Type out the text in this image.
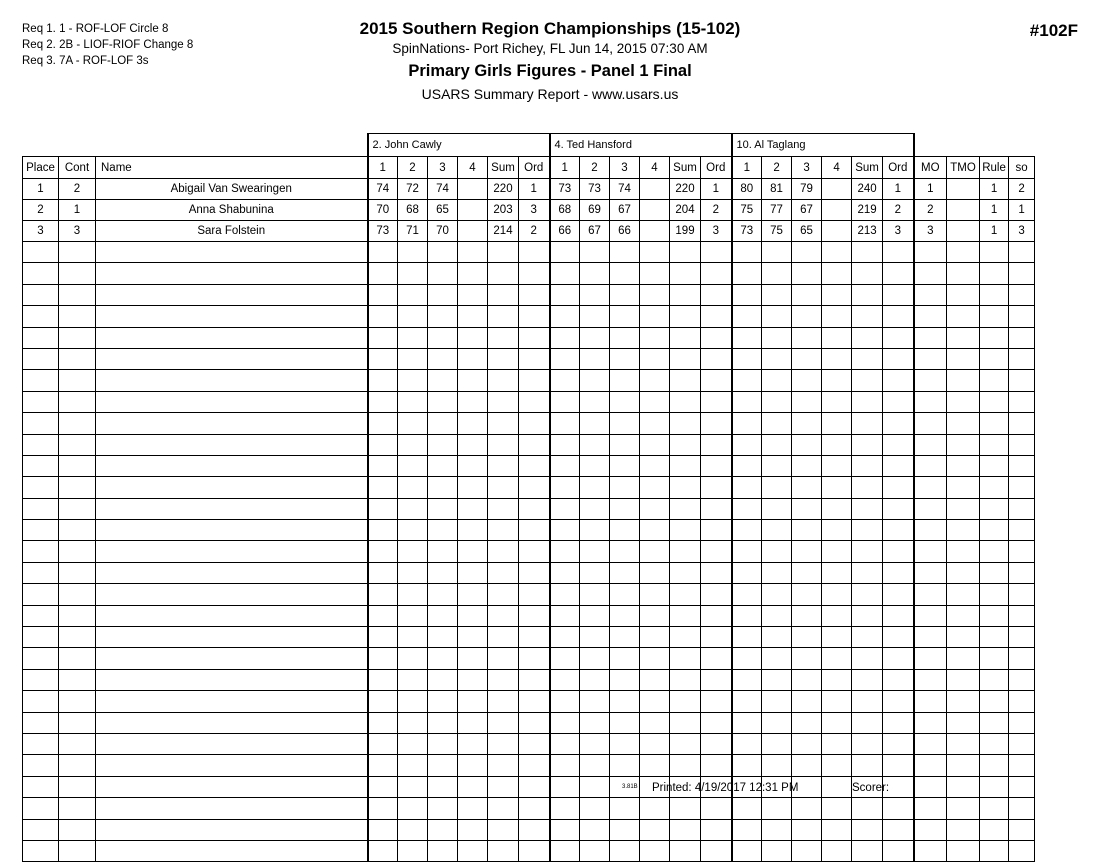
Req 1. 1 - ROF-LOF Circle 8
Req 2. 2B - LIOF-RIOF Change 8
Req 3. 7A - ROF-LOF 3s
2015 Southern Region Championships (15-102)
SpinNations- Port Richey, FL Jun 14, 2015 07:30 AM
Primary Girls Figures - Panel 1 Final
USARS Summary Report - www.usars.us
#102F
			2. John Cawly						4. Ted Hansford						10. Al Taglang									
Place	Cont	Name	1	2	3	4	Sum	Ord	1	2	3	4	Sum	Ord	1	2	3	4	Sum	Ord	MO	TMO	Rule	so
1	2	Abigail Van Swearingen	74	72	74		220	1	73	73	74		220	1	80	81	79		240	1	1		1	2
2	1	Anna Shabunina	70	68	65		203	3	68	69	67		204	2	75	77	67		219	2	2		1	1
3	3	Sara Folstein	73	71	70		214	2	66	67	66		199	3	73	75	65		213	3	3		1	3

3.81B Printed: 4/19/2017 12:31 PM	Scorer:
